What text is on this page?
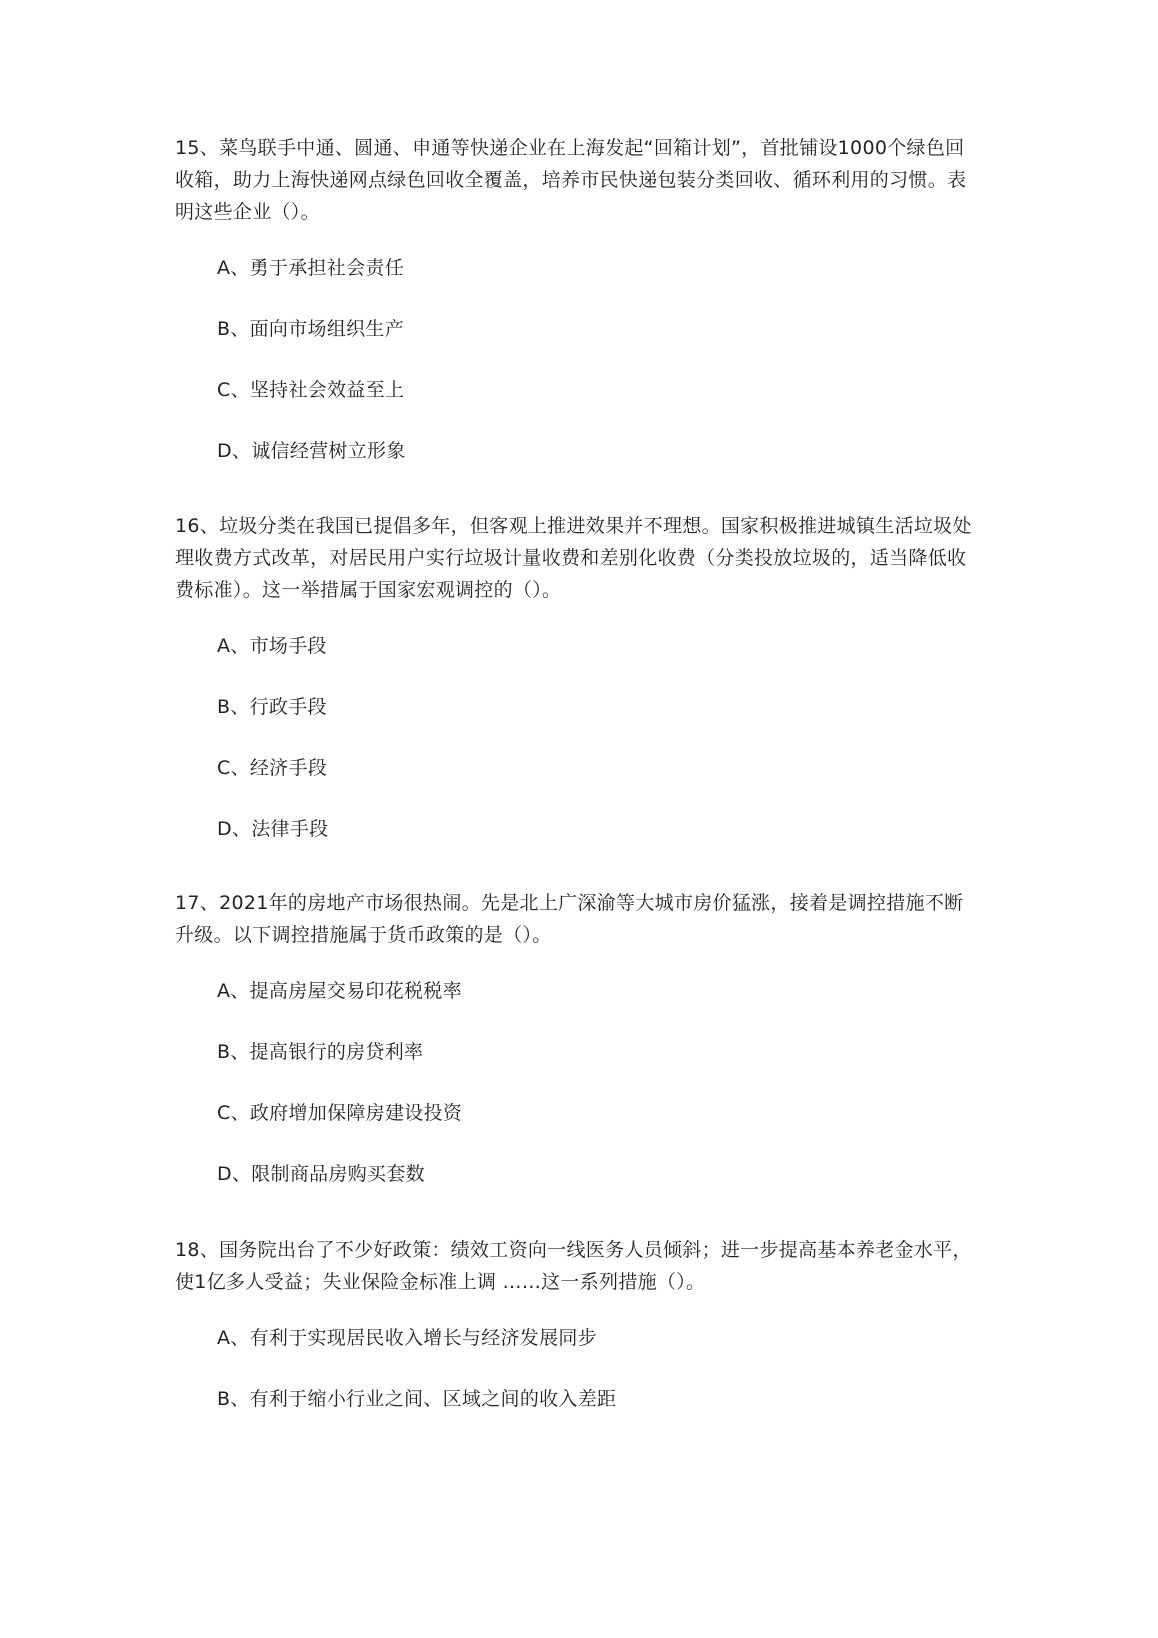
15、菜鸟联手中通、圆通、申通等快递企业在上海发起“回箱计划”，首批铺设1000个绿色回收箱，助力上海快递网点绿色回收全覆盖，培养市民快递包装分类回收、循环利用的习惯。表明这些企业（）。

A、勇于承担社会责任

B、面向市场组织生产

C、坚持社会效益至上

D、诚信经营树立形象

16、垃圾分类在我国已提倡多年，但客观上推进效果并不理想。国家积极推进城镇生活垃圾处理收费方式改革，对居民用户实行垃圾计量收费和差别化收费（分类投放垃圾的，适当降低收费标准）。这一举措属于国家宏观调控的（）。

A、市场手段

B、行政手段

C、经济手段

D、法律手段

17、2021年的房地产市场很热闹。先是北上广深渝等大城市房价猛涨，接着是调控措施不断升级。以下调控措施属于货币政策的是（）。

A、提高房屋交易印花税税率

B、提高银行的房贷利率

C、政府增加保障房建设投资

D、限制商品房购买套数

18、国务院出台了不少好政策：绩效工资向一线医务人员倾斜；进一步提高基本养老金水平，使1亿多人受益；失业保险金标准上调 ……这一系列措施（）。

A、有利于实现居民收入增长与经济发展同步

B、有利于缩小行业之间、区域之间的收入差距
